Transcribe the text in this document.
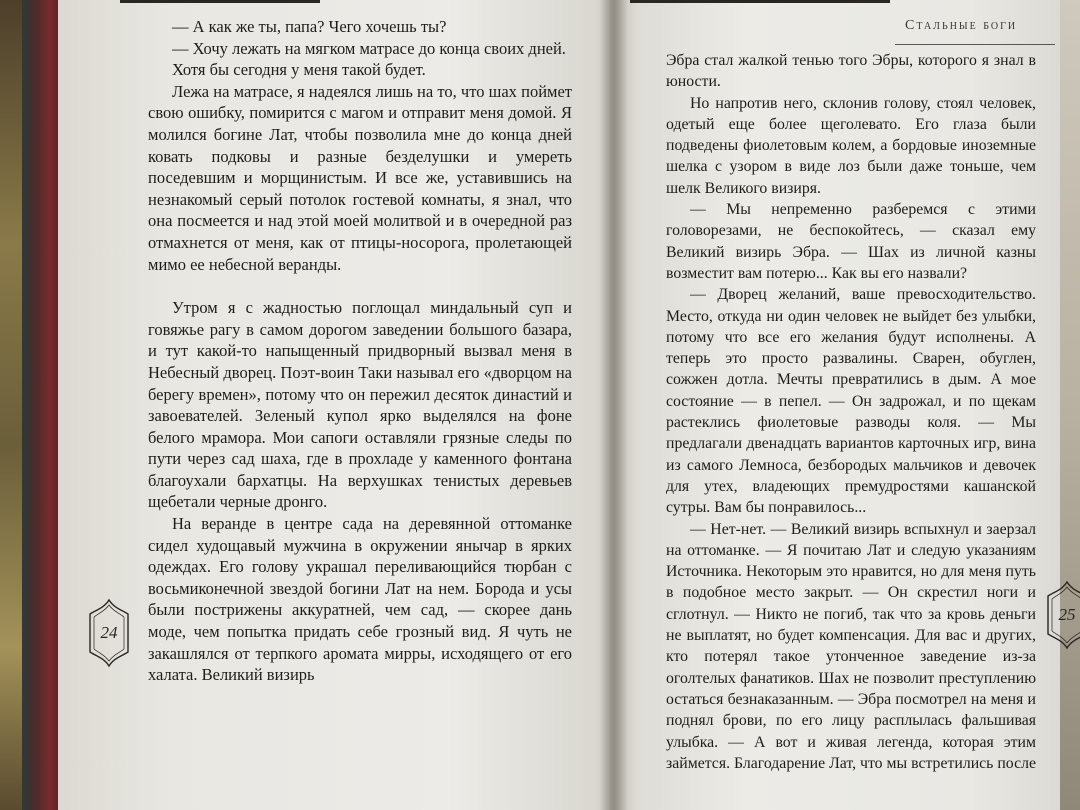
Стальные боги

— А как же ты, папа? Чего хочешь ты?

— Хочу лежать на мягком матрасе до конца своих дней.

Хотя бы сегодня у меня такой будет.

Лежа на матрасе, я надеялся лишь на то, что шах поймет свою ошибку, помирится с магом и отправит меня домой. Я молился богине Лат, чтобы позволила мне до конца дней ковать подковы и разные безделушки и умереть поседевшим и морщинистым. И все же, уставившись на незнакомый серый потолок гостевой комнаты, я знал, что она посмеется и над этой моей молитвой и в очередной раз отмахнется от меня, как от птицы-носорога, пролетающей мимо ее небесной веранды.

Утром я с жадностью поглощал миндальный суп и говяжье рагу в самом дорогом заведении большого базара, и тут какой-то напыщенный придворный вызвал меня в Небесный дворец. Поэт-воин Таки называл его «дворцом на берегу времен», потому что он пережил десяток династий и завоевателей. Зеленый купол ярко выделялся на фоне белого мрамора. Мои сапоги оставляли грязные следы по пути через сад шаха, где в прохладе у каменного фонтана благоухали бархатцы. На верхушках тенистых деревьев щебетали черные дронго.

На веранде в центре сада на деревянной оттоманке сидел худощавый мужчина в окружении янычар в ярких одеждах. Его голову украшал переливающийся тюрбан с восьмиконечной звездой богини Лат на нем. Борода и усы были пострижены аккуратней, чем сад, — скорее дань моде, чем попытка придать себе грозный вид. Я чуть не закашлялся от терпкого аромата мирры, исходящего от его халата. Великий визирь

Эбра стал жалкой тенью того Эбры, которого я знал в юности.

Но напротив него, склонив голову, стоял человек, одетый еще более щеголевато. Его глаза были подведены фиолетовым колем, а бордовые иноземные шелка с узором в виде лоз были даже тоньше, чем шелк Великого визиря.

— Мы непременно разберемся с этими головорезами, не беспокойтесь, — сказал ему Великий визирь Эбра. — Шах из личной казны возместит вам потерю... Как вы его назвали?

— Дворец желаний, ваше превосходительство. Место, откуда ни один человек не выйдет без улыбки, потому что все его желания будут исполнены. А теперь это просто развалины. Сварен, обуглен, сожжен дотла. Мечты превратились в дым. А мое состояние — в пепел. — Он задрожал, и по щекам растеклись фиолетовые разводы коля. — Мы предлагали двенадцать вариантов карточных игр, вина из самого Лемноса, безбородых мальчиков и девочек для утех, владеющих премудростями кашанской сутры. Вам бы понравилось...

— Нет-нет. — Великий визирь вспыхнул и заерзал на оттоманке. — Я почитаю Лат и следую указаниям Источника. Некоторым это нравится, но для меня путь в подобное место закрыт. — Он скрестил ноги и сглотнул. — Никто не погиб, так что за кровь деньги не выплатят, но будет компенсация. Для вас и других, кто потерял такое утонченное заведение из-за оголтелых фанатиков. Шах не позволит преступлению остаться безнаказанным. — Эбра посмотрел на меня и поднял брови, по его лицу расплылась фальшивая улыбка. — А вот и живая легенда, которая этим займется. Благодарение Лат, что мы встретились после

24
25
